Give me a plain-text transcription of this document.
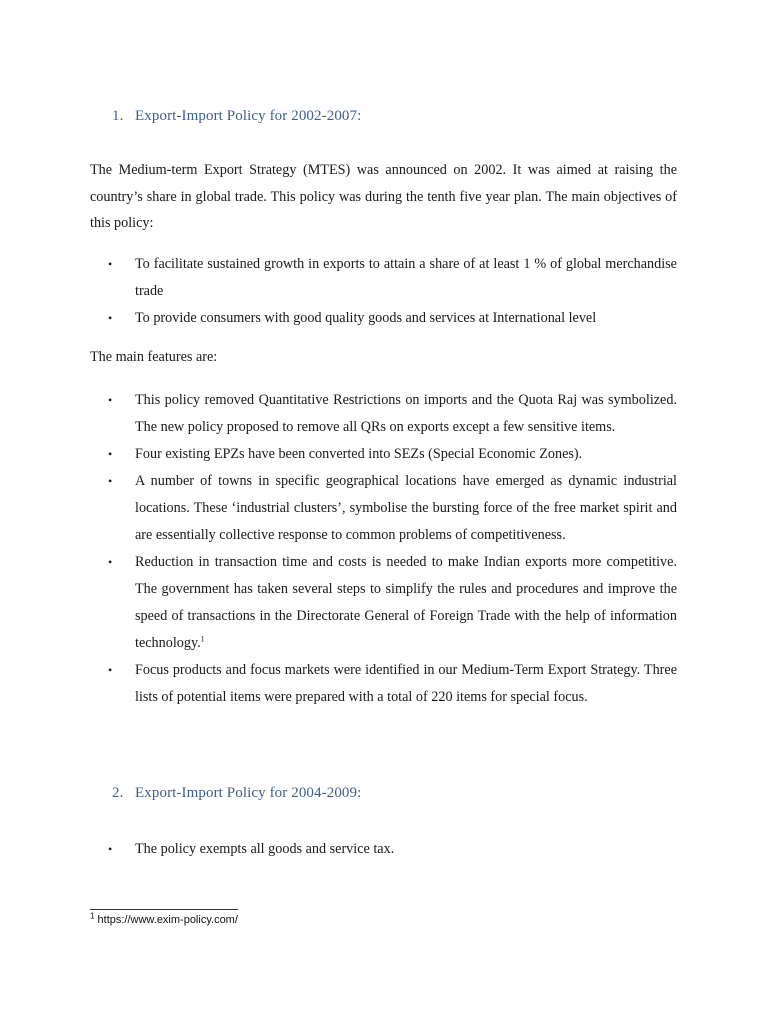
1. Export-Import Policy for 2002-2007:

The Medium-term Export Strategy (MTES) was announced on 2002. It was aimed at raising the country’s share in global trade. This policy was during the tenth five year plan. The main objectives of this policy:

• To facilitate sustained growth in exports to attain a share of at least 1 % of global merchandise trade
• To provide consumers with good quality goods and services at International level

The main features are:

• This policy removed Quantitative Restrictions on imports and the Quota Raj was symbolized. The new policy proposed to remove all QRs on exports except a few sensitive items.
• Four existing EPZs have been converted into SEZs (Special Economic Zones).
• A number of towns in specific geographical locations have emerged as dynamic industrial locations. These ‘industrial clusters’, symbolise the bursting force of the free market spirit and are essentially collective response to common problems of competitiveness.
• Reduction in transaction time and costs is needed to make Indian exports more competitive. The government has taken several steps to simplify the rules and procedures and improve the speed of transactions in the Directorate General of Foreign Trade with the help of information technology.$^1$
• Focus products and focus markets were identified in our Medium-Term Export Strategy. Three lists of potential items were prepared with a total of 220 items for special focus.
2. Export-Import Policy for 2004-2009:
• The policy exempts all goods and service tax.
$^1$ https://www.exim-policy.com/
